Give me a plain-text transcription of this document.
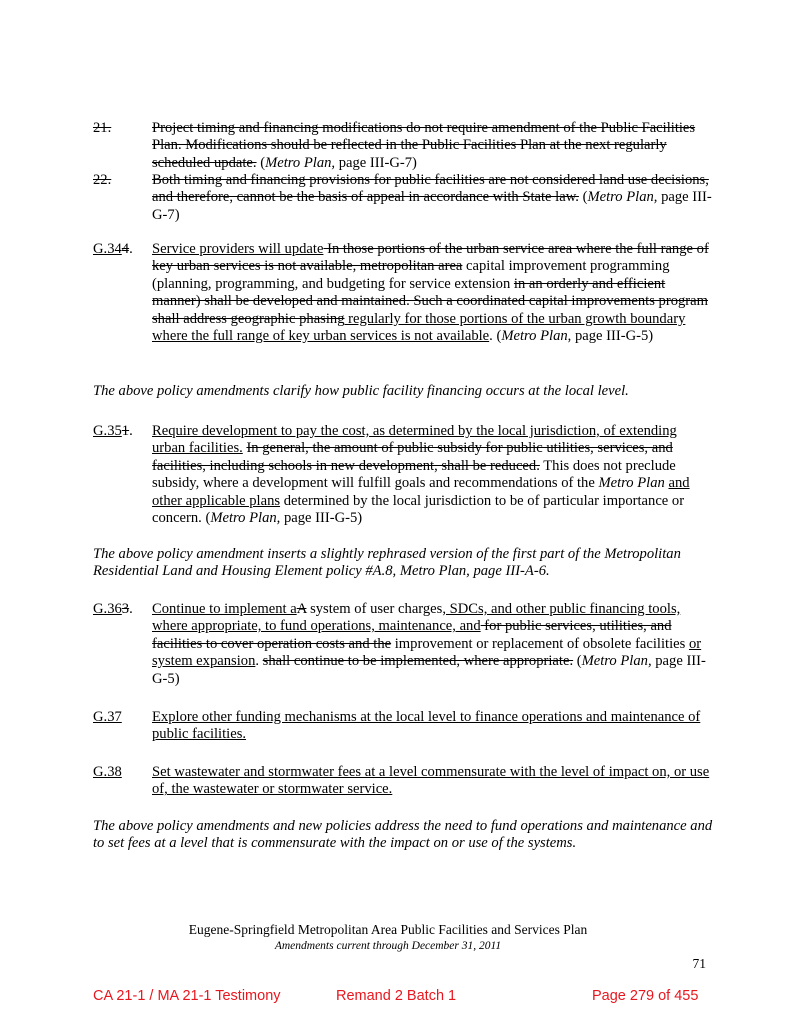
21.	Project timing and financing modifications do not require amendment of the Public Facilities Plan. Modifications should be reflected in the Public Facilities Plan at the next regularly scheduled update. (Metro Plan, page III-G-7)
22.	Both timing and financing provisions for public facilities are not considered land use decisions, and therefore, cannot be the basis of appeal in accordance with State law. (Metro Plan, page III-G-7)
G.344. Service providers will update In those portions of the urban service area where the full range of key urban services is not available, metropolitan area capital improvement programming (planning, programming, and budgeting for service extension in an orderly and efficient manner) shall be developed and maintained. Such a coordinated capital improvements program shall address geographic phasing regularly for those portions of the urban growth boundary where the full range of key urban services is not available. (Metro Plan, page III-G-5)
The above policy amendments clarify how public facility financing occurs at the local level.
G.351. Require development to pay the cost, as determined by the local jurisdiction, of extending urban facilities. In general, the amount of public subsidy for public utilities, services, and facilities, including schools in new development, shall be reduced. This does not preclude subsidy, where a development will fulfill goals and recommendations of the Metro Plan and other applicable plans determined by the local jurisdiction to be of particular importance or concern. (Metro Plan, page III-G-5)
The above policy amendment inserts a slightly rephrased version of the first part of the Metropolitan Residential Land and Housing Element policy #A.8, Metro Plan, page III-A-6.
G.363. Continue to implement aA system of user charges, SDCs, and other public financing tools, where appropriate, to fund operations, maintenance, and for public services, utilities, and facilities to cover operation costs and the improvement or replacement of obsolete facilities or system expansion. shall continue to be implemented, where appropriate. (Metro Plan, page III-G-5)
G.37 Explore other funding mechanisms at the local level to finance operations and maintenance of public facilities.
G.38 Set wastewater and stormwater fees at a level commensurate with the level of impact on, or use of, the wastewater or stormwater service.
The above policy amendments and new policies address the need to fund operations and maintenance and to set fees at a level that is commensurate with the impact on or use of the systems.
Eugene-Springfield Metropolitan Area Public Facilities and Services Plan
Amendments current through December 31, 2011
71
CA 21-1 / MA 21-1 Testimony	Remand 2 Batch 1	Page 279 of 455
